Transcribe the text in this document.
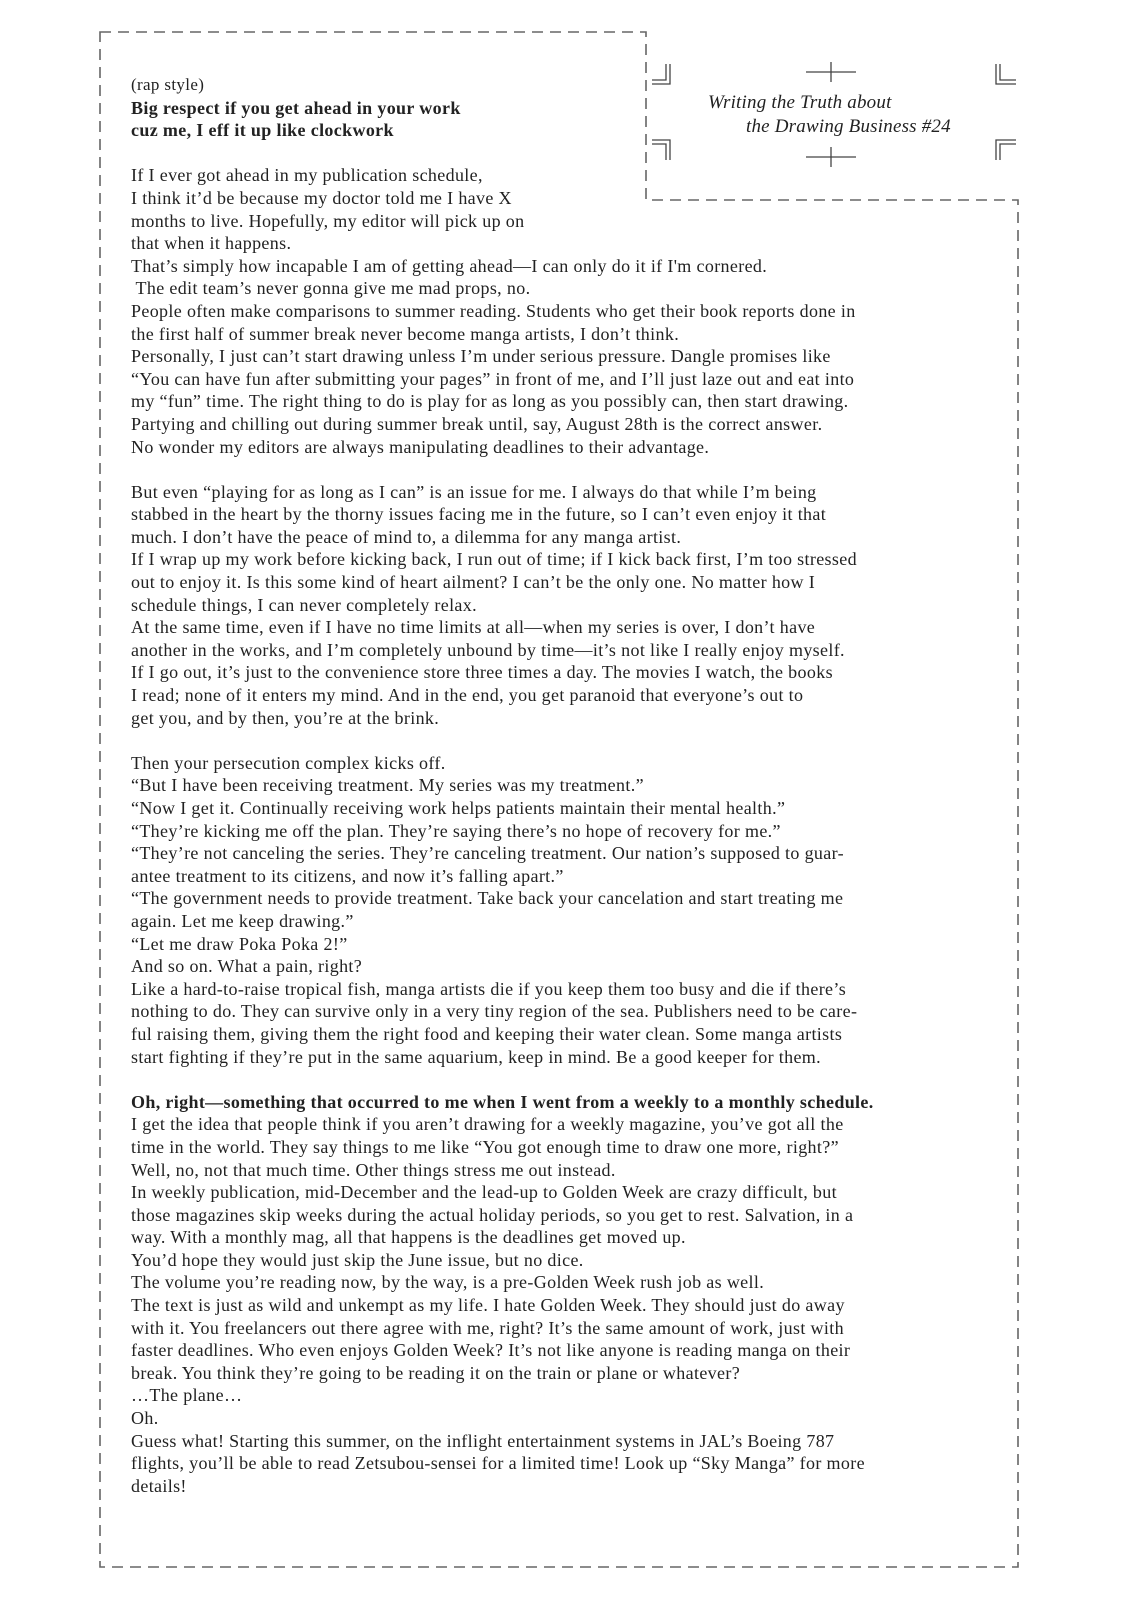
Writing the Truth about
the Drawing Business #24

(rap style)

Big respect if you get ahead in your work

cuz me, I eff it up like clockwork

If I ever got ahead in my publication schedule,

I think it’d be because my doctor told me I have X

months to live. Hopefully, my editor will pick up on

that when it happens.

That’s simply how incapable I am of getting ahead—I can only do it if I'm cornered.

The edit team’s never gonna give me mad props, no.

People often make comparisons to summer reading. Students who get their book reports done in

the first half of summer break never become manga artists, I don’t think.

Personally, I just can’t start drawing unless I’m under serious pressure. Dangle promises like

“You can have fun after submitting your pages” in front of me, and I’ll just laze out and eat into

my “fun” time. The right thing to do is play for as long as you possibly can, then start drawing.

Partying and chilling out during summer break until, say, August 28th is the correct answer.

No wonder my editors are always manipulating deadlines to their advantage.

But even “playing for as long as I can” is an issue for me. I always do that while I’m being

stabbed in the heart by the thorny issues facing me in the future, so I can’t even enjoy it that

much. I don’t have the peace of mind to, a dilemma for any manga artist.

If I wrap up my work before kicking back, I run out of time; if I kick back first, I’m too stressed

out to enjoy it. Is this some kind of heart ailment? I can’t be the only one. No matter how I

schedule things, I can never completely relax.

At the same time, even if I have no time limits at all—when my series is over, I don’t have

another in the works, and I’m completely unbound by time—it’s not like I really enjoy myself.

If I go out, it’s just to the convenience store three times a day. The movies I watch, the books

I read; none of it enters my mind. And in the end, you get paranoid that everyone’s out to

get you, and by then, you’re at the brink.

Then your persecution complex kicks off.

“But I have been receiving treatment. My series was my treatment.”

“Now I get it. Continually receiving work helps patients maintain their mental health.”

“They’re kicking me off the plan. They’re saying there’s no hope of recovery for me.”

“They’re not canceling the series. They’re canceling treatment. Our nation’s supposed to guar-

antee treatment to its citizens, and now it’s falling apart.”

“The government needs to provide treatment. Take back your cancelation and start treating me

again. Let me keep drawing.”

“Let me draw Poka Poka 2!”

And so on. What a pain, right?

Like a hard-to-raise tropical fish, manga artists die if you keep them too busy and die if there’s

nothing to do. They can survive only in a very tiny region of the sea. Publishers need to be care-

ful raising them, giving them the right food and keeping their water clean. Some manga artists

start fighting if they’re put in the same aquarium, keep in mind. Be a good keeper for them.

Oh, right—something that occurred to me when I went from a weekly to a monthly schedule.

I get the idea that people think if you aren’t drawing for a weekly magazine, you’ve got all the

time in the world. They say things to me like “You got enough time to draw one more, right?”

Well, no, not that much time. Other things stress me out instead.

In weekly publication, mid-December and the lead-up to Golden Week are crazy difficult, but

those magazines skip weeks during the actual holiday periods, so you get to rest. Salvation, in a

way. With a monthly mag, all that happens is the deadlines get moved up.

You’d hope they would just skip the June issue, but no dice.

The volume you’re reading now, by the way, is a pre-Golden Week rush job as well.

The text is just as wild and unkempt as my life. I hate Golden Week. They should just do away

with it. You freelancers out there agree with me, right? It’s the same amount of work, just with

faster deadlines. Who even enjoys Golden Week? It’s not like anyone is reading manga on their

break. You think they’re going to be reading it on the train or plane or whatever?

…The plane…

Oh.

Guess what! Starting this summer, on the inflight entertainment systems in JAL’s Boeing 787

flights, you’ll be able to read Zetsubou-sensei for a limited time! Look up “Sky Manga” for more

details!
